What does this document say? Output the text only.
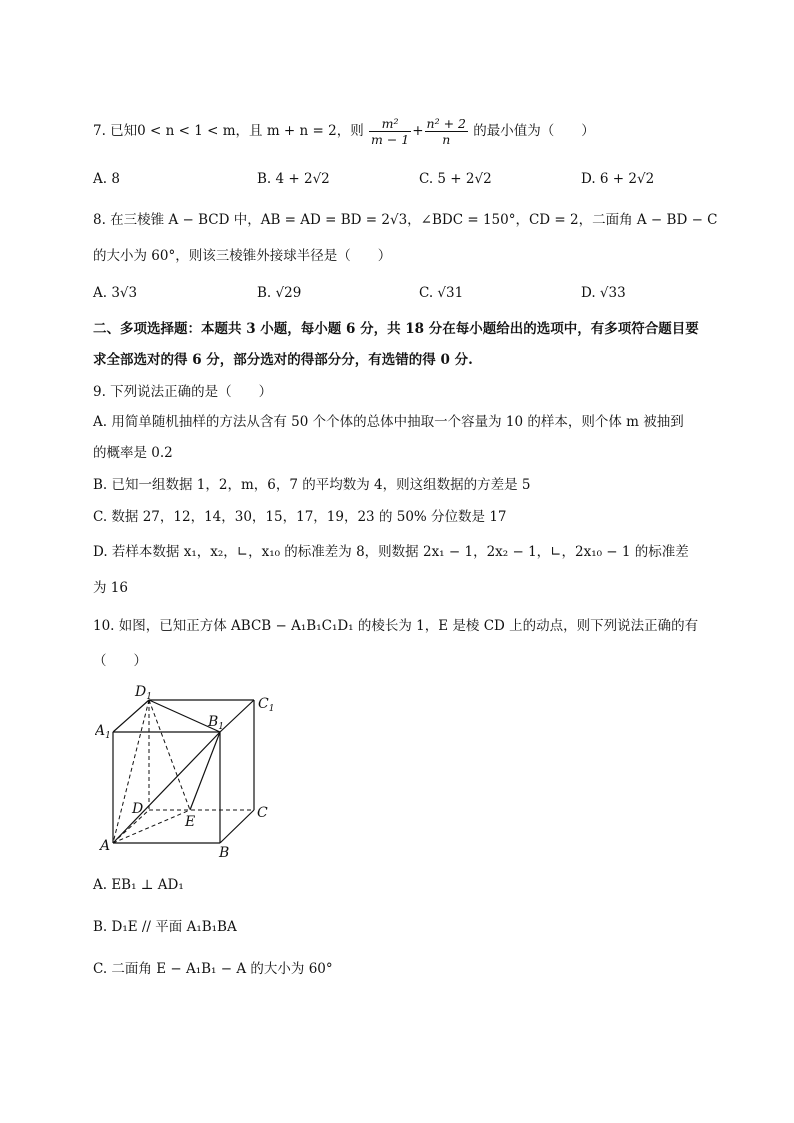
7. 已知0 < n < 1 < m，且 m + n = 2，则 $\frac{\text{m²}}{m - 1} + \frac{\text{n² + 2}}{n}$ 的最小值为（　　）
A. 8	B. 4 + 2√2	C. 5 + 2√2	D. 6 + 2√2
8. 在三棱锥 A − BCD 中，AB = AD = BD = 2√3，∠BDC = 150°，CD = 2，二面角 A − BD − C
的大小为 60°，则该三棱锥外接球半径是（　　）
A. 3√3	B. √29	C. √31	D. √33
二、多项选择题：本题共 3 小题，每小题 6 分，共 18 分在每小题给出的选项中，有多项符合题目要
求全部选对的得 6 分，部分选对的得部分分，有选错的得 0 分.
9. 下列说法正确的是（　　）
A. 用简单随机抽样的方法从含有 50 个个体的总体中抽取一个容量为 10 的样本，则个体 m 被抽到
的概率是 0.2
B. 已知一组数据 1，2，m，6，7 的平均数为 4，则这组数据的方差是 5
C. 数据 27，12，14，30，15，17，19，23 的 50% 分位数是 17
D. 若样本数据 x₁，x₂，∟，x₁₀ 的标准差为 8，则数据 2x₁ − 1，2x₂ − 1，∟，2x₁₀ − 1 的标准差
为 16
10. 如图，已知正方体 ABCB − A₁B₁C₁D₁ 的棱长为 1，E 是棱 CD 上的动点，则下列说法正确的有
（　　）
$D_1$	$C_1$
$A_1$
$B_1$
D	C
E
A	B
A. EB₁ ⊥ AD₁
B. D₁E // 平面 A₁B₁BA
C. 二面角 E − A₁B₁ − A 的大小为 60°
